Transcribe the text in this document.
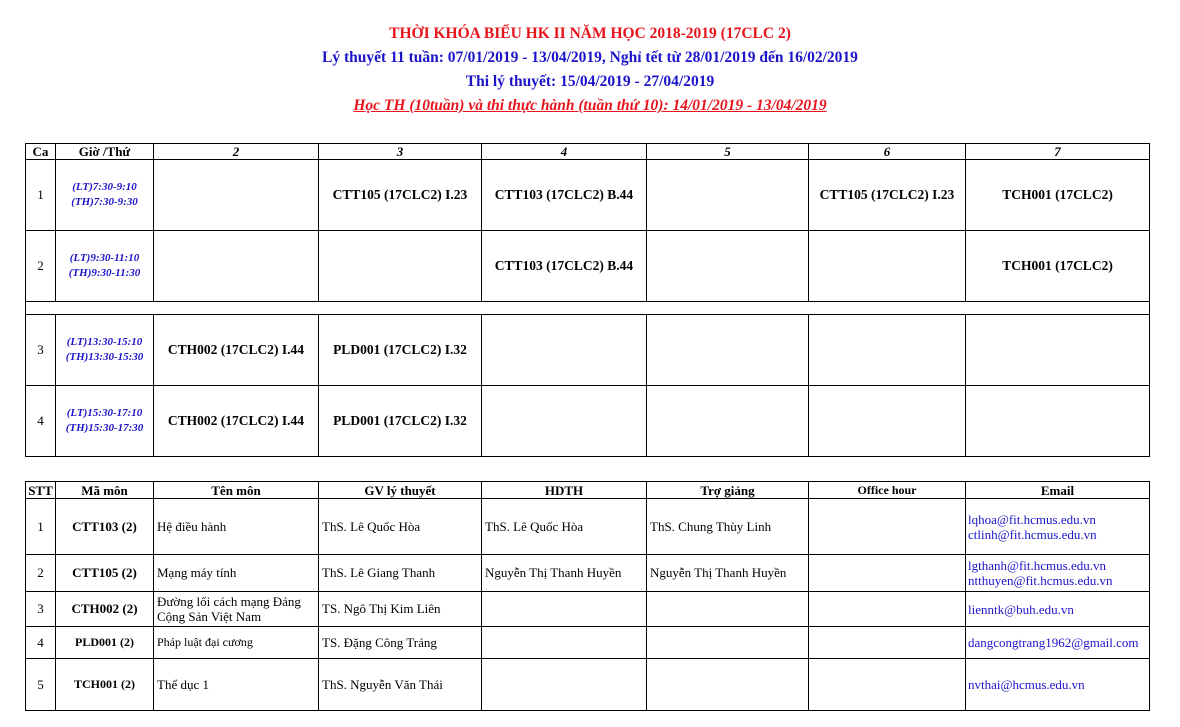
THỜI KHÓA BIỂU HK II NĂM HỌC 2018-2019 (17CLC 2)
Lý thuyết 11 tuần: 07/01/2019 - 13/04/2019, Nghỉ tết từ 28/01/2019 đến 16/02/2019
Thi lý thuyết: 15/04/2019 - 27/04/2019
Học TH (10tuần) và thi thực hành (tuần thứ 10): 14/01/2019 - 13/04/2019
Ca	Giờ /Thứ	2	3	4	5	6	7
1	(LT)7:30-9:10
(TH)7:30-9:30		CTT105 (17CLC2) I.23	CTT103 (17CLC2) B.44		CTT105 (17CLC2) I.23	TCH001 (17CLC2)
2	(LT)9:30-11:10
(TH)9:30-11:30			CTT103 (17CLC2) B.44			TCH001 (17CLC2)

3	(LT)13:30-15:10
(TH)13:30-15:30	CTH002 (17CLC2) I.44	PLD001 (17CLC2) I.32				
4	(LT)15:30-17:10
(TH)15:30-17:30	CTH002 (17CLC2) I.44	PLD001 (17CLC2) I.32				
STT	Mã môn	Tên môn	GV lý thuyết	HDTH	Trợ giảng	Office hour	Email
1	CTT103 (2)	Hệ điều hành	ThS. Lê Quốc Hòa	ThS. Lê Quốc Hòa	ThS. Chung Thùy Linh		lqhoa@fit.hcmus.edu.vn
ctlinh@fit.hcmus.edu.vn
2	CTT105 (2)	Mạng máy tính	ThS. Lê Giang Thanh	Nguyễn Thị Thanh Huyền	Nguyễn Thị Thanh Huyền		lgthanh@fit.hcmus.edu.vn
ntthuyen@fit.hcmus.edu.vn
3	CTH002 (2)	Đường lối cách mạng Đảng Cộng Sản Việt Nam	TS. Ngô Thị Kim Liên				lienntk@buh.edu.vn
4	PLD001 (2)	Pháp luật đại cương	TS. Đặng Công Tráng				dangcongtrang1962@gmail.com
5	TCH001 (2)	Thể dục 1	ThS. Nguyễn Văn Thái				nvthai@hcmus.edu.vn
